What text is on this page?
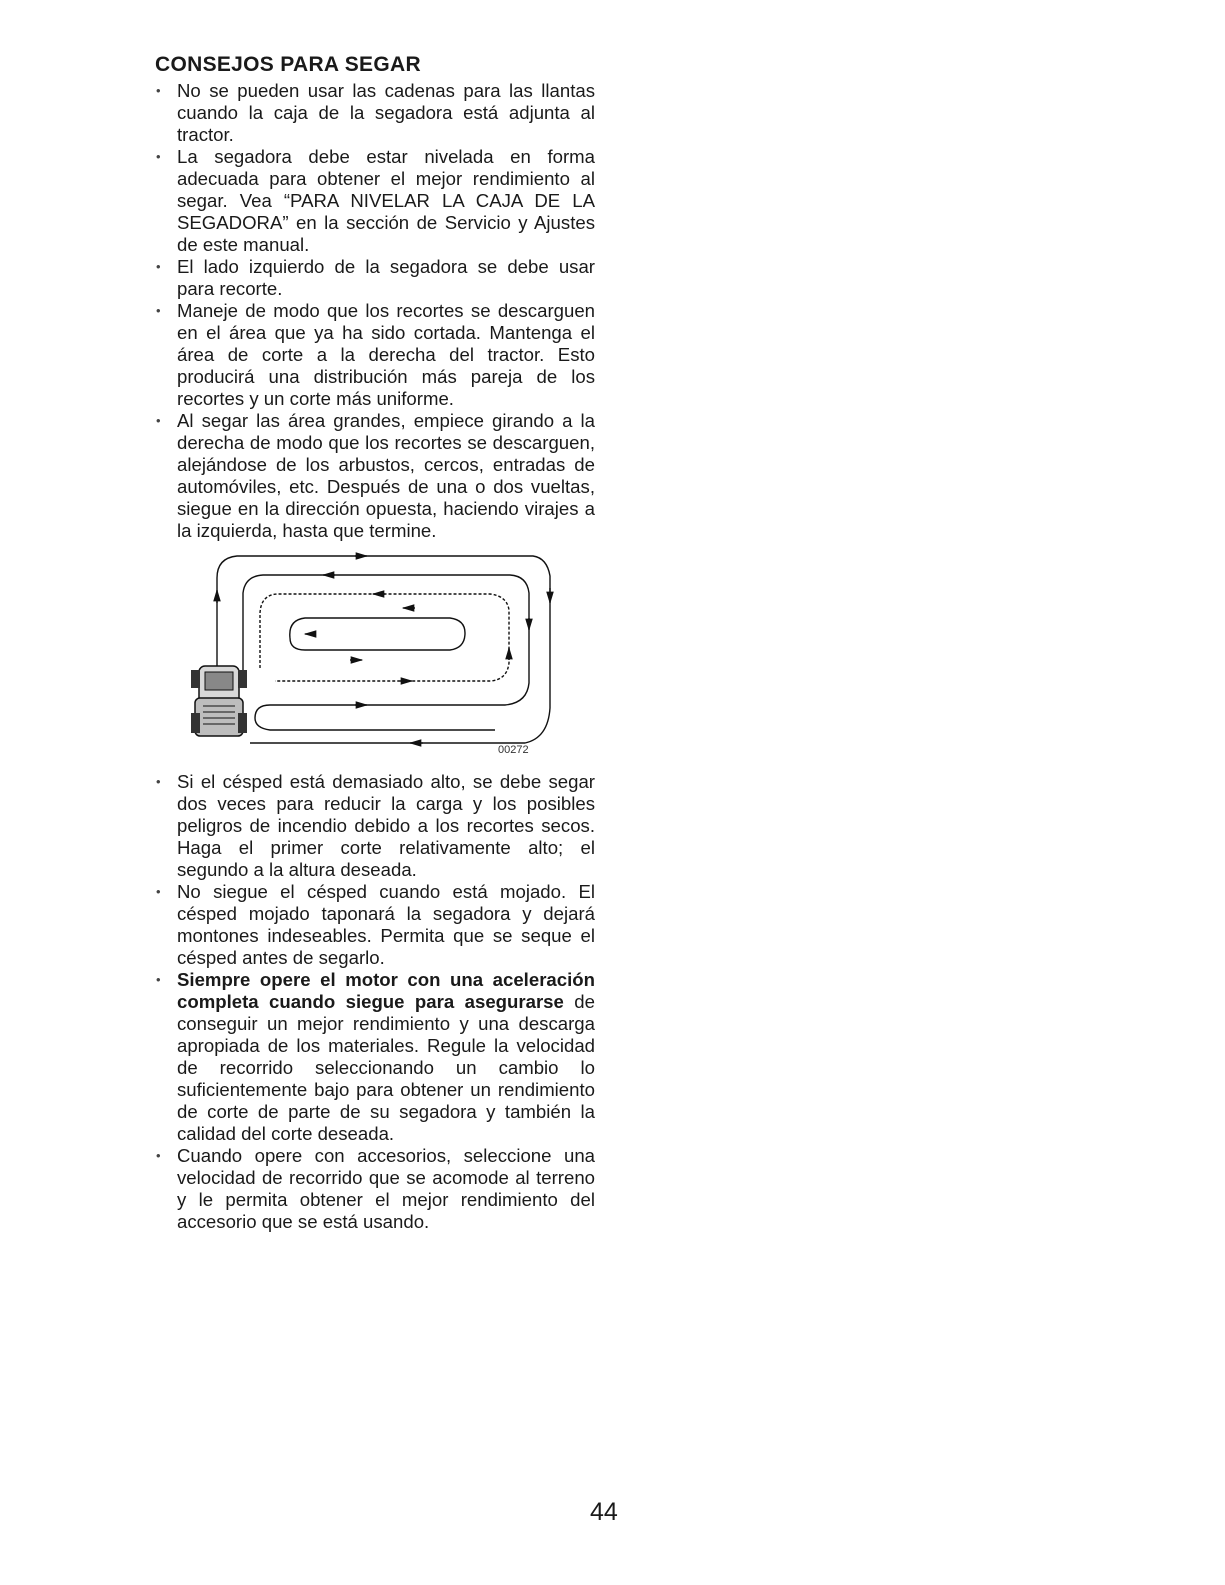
CONSEJOS PARA SEGAR
• No se pueden usar las cadenas para las llantas cuando la caja de la segadora está adjunta al tractor.
• La segadora debe estar nivelada en forma adecuada para obtener el mejor rendimiento al segar. Vea “PARA NIVELAR LA CAJA DE LA SEGADORA” en la sección de Servicio y Ajustes de este manual.
• El lado izquierdo de la segadora se debe usar para recorte.
• Maneje de modo que los recortes se descarguen en el área que ya ha sido cortada. Mantenga el área de corte a la derecha del tractor. Esto producirá una distribución más pareja de los recortes y un corte más uniforme.
• Al segar las área grandes, empiece girando a la derecha de modo que los recortes se descarguen, alejándose de los arbustos, cercos, entradas de automóviles, etc. Después de una o dos vueltas, siegue en la dirección opuesta, haciendo virajes a la izquierda, hasta que termine.
00272
• Si el césped está demasiado alto, se debe segar dos veces para reducir la carga y los posibles peligros de incendio debido a los recortes secos. Haga el primer corte relativamente alto; el segundo a la altura deseada.
• No siegue el césped cuando está mojado. El césped mojado taponará la segadora y dejará montones indeseables. Permita que se seque el césped antes de segarlo.
• Siempre opere el motor con una aceleración completa cuando siegue para asegurarse de conseguir un mejor rendimiento y una descarga apropiada de los materiales. Regule la velocidad de recorrido seleccionando un cambio lo suficientemente bajo para obtener un rendimiento de corte de parte de su segadora y también la calidad del corte deseada.
• Cuando opere con accesorios, seleccione una velocidad de recorrido que se acomode al terreno y le permita obtener el mejor rendimiento del accesorio que se está usando.
44
